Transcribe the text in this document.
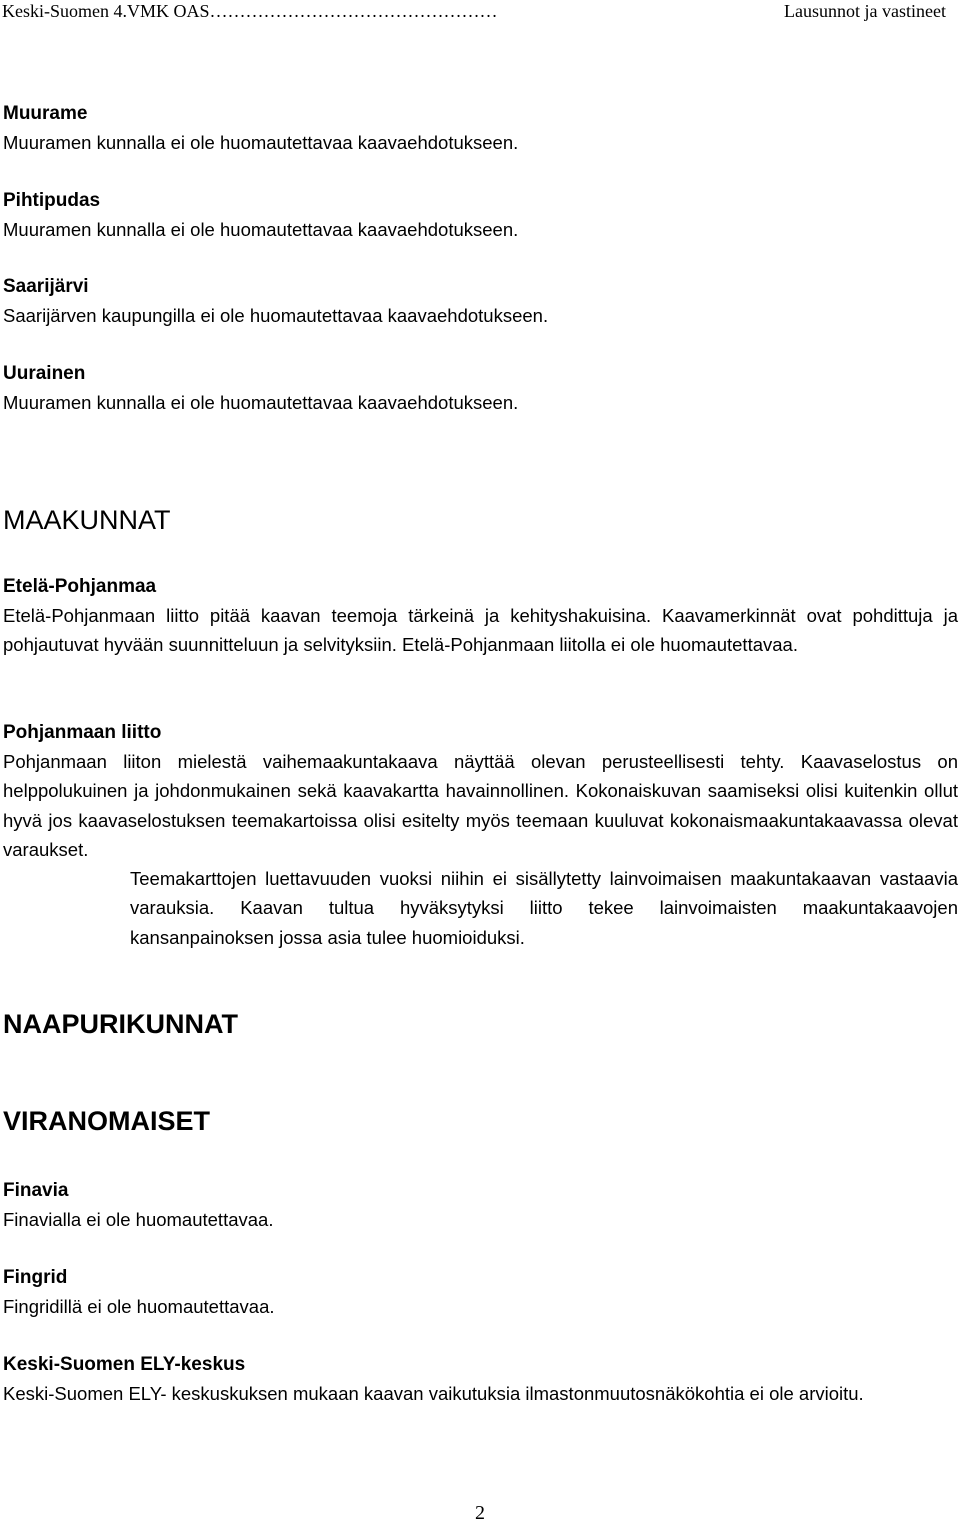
Keski-Suomen 4.VMK OAS…………………………………………	Lausunnot ja vastineet

Muurame

Muuramen kunnalla ei ole huomautettavaa kaavaehdotukseen.

Pihtipudas

Muuramen kunnalla ei ole huomautettavaa kaavaehdotukseen.

Saarijärvi

Saarijärven kaupungilla ei ole huomautettavaa kaavaehdotukseen.

Uurainen

Muuramen kunnalla ei ole huomautettavaa kaavaehdotukseen.

MAAKUNNAT

Etelä-Pohjanmaa

Etelä-Pohjanmaan liitto pitää kaavan teemoja tärkeinä ja kehityshakuisina. Kaavamerkinnät ovat pohdittuja ja pohjautuvat hyvään suunnitteluun ja selvityksiin. Etelä-Pohjanmaan liitolla ei ole huomautettavaa.

Pohjanmaan liitto

Pohjanmaan liiton mielestä vaihemaakuntakaava näyttää olevan perusteellisesti tehty. Kaavaselostus on helppolukuinen ja johdonmukainen sekä kaavakartta havainnollinen. Kokonaiskuvan saamiseksi olisi kuitenkin ollut hyvä jos kaavaselostuksen teemakartoissa olisi esitelty myös teemaan kuuluvat kokonaismaakuntakaavassa olevat varaukset.

Teemakarttojen luettavuuden vuoksi niihin ei sisällytetty lainvoimaisen maakuntakaavan vastaavia varauksia. Kaavan tultua hyväksytyksi liitto tekee lainvoimaisten maakuntakaavojen kansanpainoksen jossa asia tulee huomioiduksi.

NAAPURIKUNNAT

VIRANOMAISET

Finavia

Finavialla ei ole huomautettavaa.

Fingrid

Fingridillä ei ole huomautettavaa.

Keski-Suomen ELY-keskus

Keski-Suomen ELY- keskuskuksen mukaan kaavan vaikutuksia ilmastonmuutosnäkökohtia ei ole arvioitu.

2
